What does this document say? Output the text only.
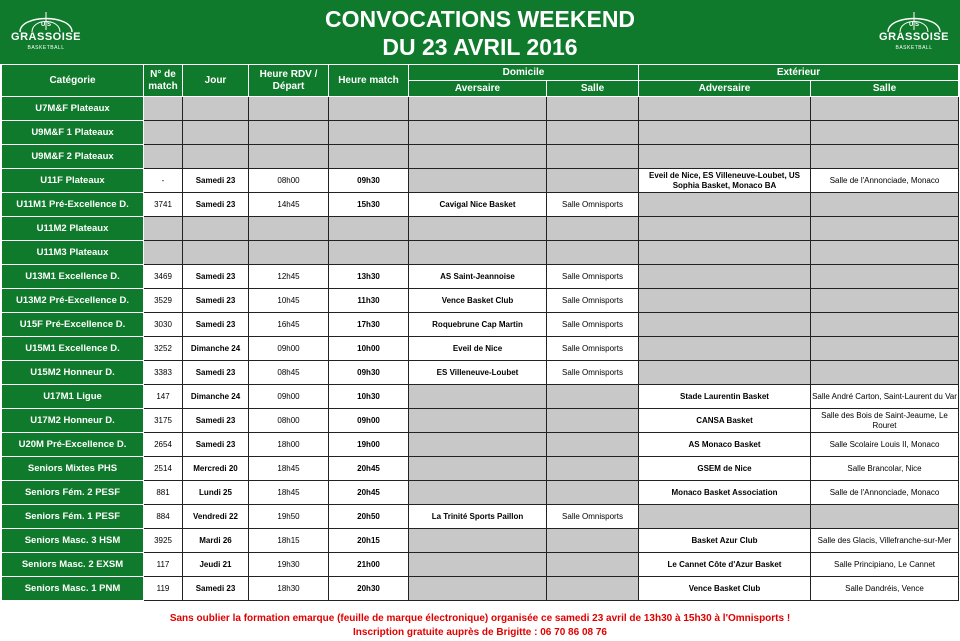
U S
GRASSOISE
BASKETBALL
CONVOCATIONS WEEKEND
DU 23 AVRIL 2016
U S
GRASSOISE
BASKETBALL
Catégorie	N° de match	Jour	Heure RDV / Départ	Heure match	Domicile		Extérieur	
					Aversaire	Salle	Adversaire	Salle
U7M&F Plateaux								
U9M&F 1 Plateaux								
U9M&F 2 Plateaux								
U11F Plateaux	-	Samedi 23	08h00	09h30			Eveil de Nice, ES Villeneuve-Loubet, US Sophia Basket, Monaco BA	Salle de l'Annonciade, Monaco
U11M1 Pré-Excellence D.	3741	Samedi 23	14h45	15h30	Cavigal Nice Basket	Salle Omnisports		
U11M2 Plateaux								
U11M3 Plateaux								
U13M1 Excellence D.	3469	Samedi 23	12h45	13h30	AS Saint-Jeannoise	Salle Omnisports		
U13M2 Pré-Excellence D.	3529	Samedi 23	10h45	11h30	Vence Basket Club	Salle Omnisports		
U15F Pré-Excellence D.	3030	Samedi 23	16h45	17h30	Roquebrune Cap Martin	Salle Omnisports		
U15M1 Excellence D.	3252	Dimanche 24	09h00	10h00	Eveil de Nice	Salle Omnisports		
U15M2 Honneur D.	3383	Samedi 23	08h45	09h30	ES Villeneuve-Loubet	Salle Omnisports		
U17M1 Ligue	147	Dimanche 24	09h00	10h30			Stade Laurentin Basket	Salle André Carton, Saint-Laurent du Var
U17M2 Honneur D.	3175	Samedi 23	08h00	09h00			CANSA Basket	Salle des Bois de Saint-Jeaume, Le Rouret
U20M Pré-Excellence D.	2654	Samedi 23	18h00	19h00			AS Monaco Basket	Salle Scolaire Louis II, Monaco
Seniors Mixtes PHS	2514	Mercredi 20	18h45	20h45			GSEM de Nice	Salle Brancolar, Nice
Seniors Fém. 2 PESF	881	Lundi 25	18h45	20h45			Monaco Basket Association	Salle de l'Annonciade, Monaco
Seniors Fém. 1 PESF	884	Vendredi 22	19h50	20h50	La Trinité Sports Paillon	Salle Omnisports		
Seniors Masc. 3 HSM	3925	Mardi 26	18h15	20h15			Basket Azur Club	Salle des Glacis, Villefranche-sur-Mer
Seniors Masc. 2 EXSM	117	Jeudi 21	19h30	21h00			Le Cannet Côte d'Azur Basket	Salle Principiano, Le Cannet
Seniors Masc. 1 PNM	119	Samedi 23	18h30	20h30			Vence Basket Club	Salle Dandréis, Vence
Sans oublier la formation emarque (feuille de marque électronique) organisée ce samedi 23 avril de 13h30 à 15h30 à l'Omnisports !
Inscription gratuite auprès de Brigitte : 06 70 86 08 76
